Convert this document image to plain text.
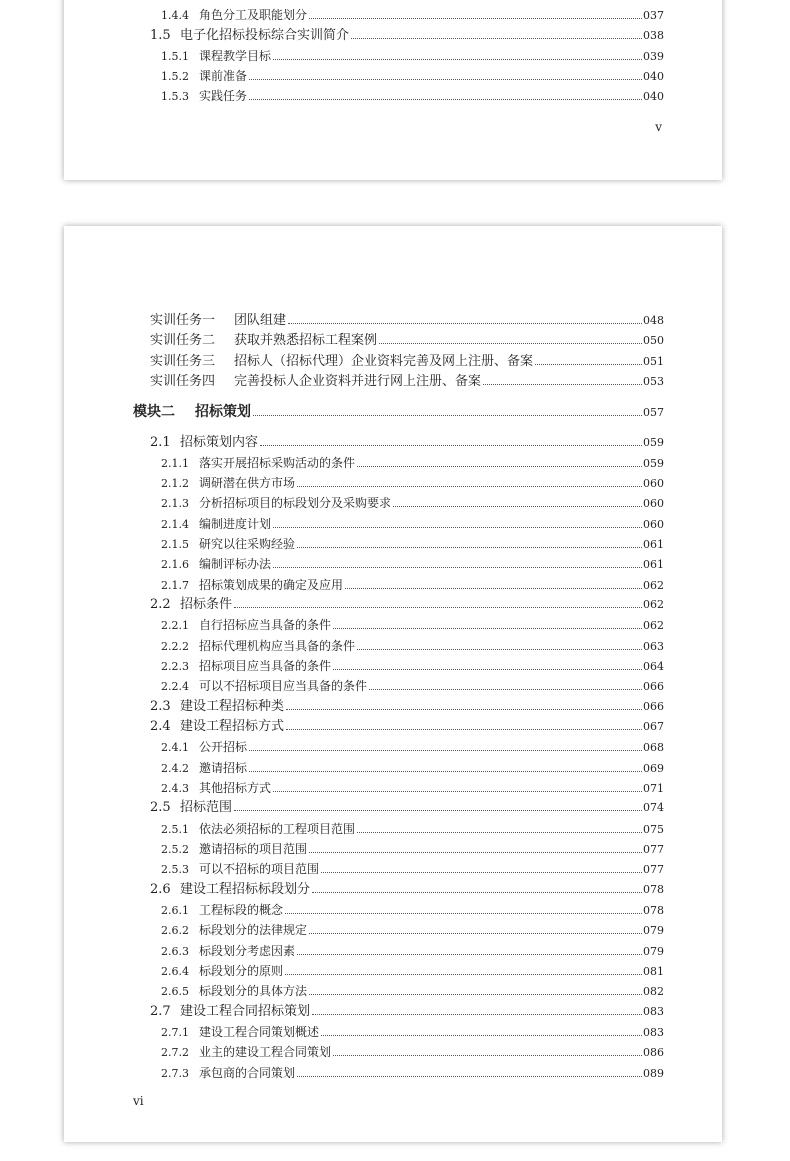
1.4.4 角色分工及职能划分	037
1.5 电子化招标投标综合实训简介	038
1.5.1 课程教学目标	039
1.5.2 课前准备	040
1.5.3 实践任务	040
v
实训任务一	团队组建	048
实训任务二	获取并熟悉招标工程案例	050
实训任务三	招标人（招标代理）企业资料完善及网上注册、备案	051
实训任务四	完善投标人企业资料并进行网上注册、备案	053
模块二	招标策划	057
2.1 招标策划内容	059
2.1.1 落实开展招标采购活动的条件	059
2.1.2 调研潜在供方市场	060
2.1.3 分析招标项目的标段划分及采购要求	060
2.1.4 编制进度计划	060
2.1.5 研究以往采购经验	061
2.1.6 编制评标办法	061
2.1.7 招标策划成果的确定及应用	062
2.2 招标条件	062
2.2.1 自行招标应当具备的条件	062
2.2.2 招标代理机构应当具备的条件	063
2.2.3 招标项目应当具备的条件	064
2.2.4 可以不招标项目应当具备的条件	066
2.3 建设工程招标种类	066
2.4 建设工程招标方式	067
2.4.1 公开招标	068
2.4.2 邀请招标	069
2.4.3 其他招标方式	071
2.5 招标范围	074
2.5.1 依法必须招标的工程项目范围	075
2.5.2 邀请招标的项目范围	077
2.5.3 可以不招标的项目范围	077
2.6 建设工程招标标段划分	078
2.6.1 工程标段的概念	078
2.6.2 标段划分的法律规定	079
2.6.3 标段划分考虑因素	079
2.6.4 标段划分的原则	081
2.6.5 标段划分的具体方法	082
2.7 建设工程合同招标策划	083
2.7.1 建设工程合同策划概述	083
2.7.2 业主的建设工程合同策划	086
2.7.3 承包商的合同策划	089
vi
